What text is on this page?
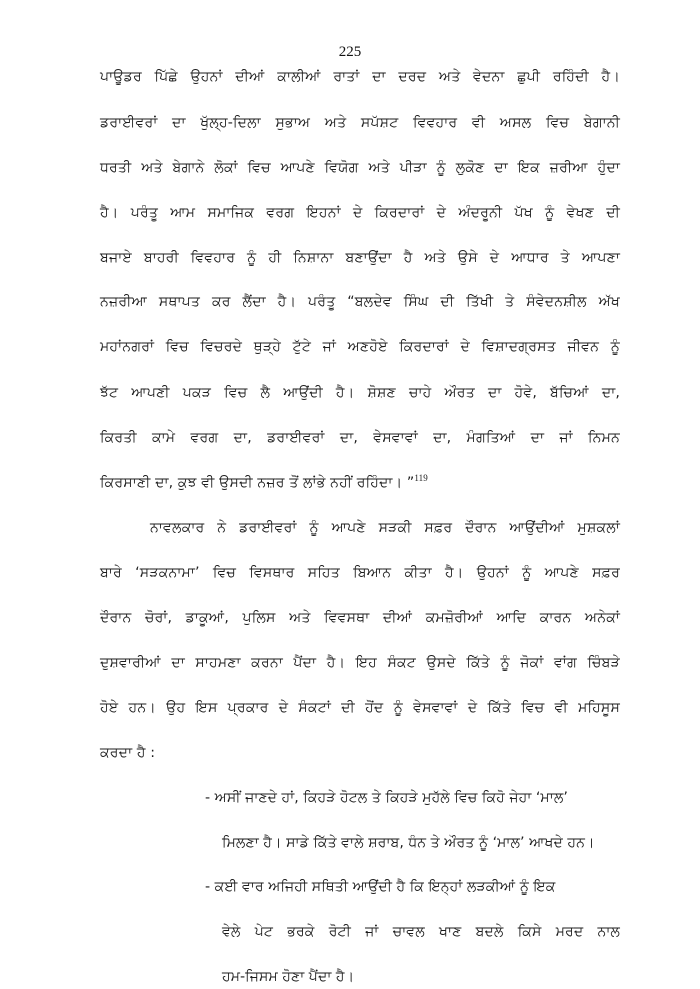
225
ਪਾਊਡਰ ਪਿੱਛੇ ਉਹਨਾਂ ਦੀਆਂ ਕਾਲੀਆਂ ਰਾਤਾਂ ਦਾ ਦਰਦ ਅਤੇ ਵੇਦਨਾ ਛੁਪੀ ਰਹਿੰਦੀ ਹੈ।
ਡਰਾਈਵਰਾਂ ਦਾ ਖੁੱਲ੍ਹ-ਦਿਲਾ ਸੁਭਾਅ ਅਤੇ ਸਪੱਸ਼ਟ ਵਿਵਹਾਰ ਵੀ ਅਸਲ ਵਿਚ ਬੇਗਾਨੀ
ਧਰਤੀ ਅਤੇ ਬੇਗਾਨੇ ਲੋਕਾਂ ਵਿਚ ਆਪਣੇ ਵਿਯੋਗ ਅਤੇ ਪੀੜਾ ਨੂੰ ਲੁਕੋਣ ਦਾ ਇਕ ਜ਼ਰੀਆ ਹੁੰਦਾ
ਹੈ। ਪਰੰਤੂ ਆਮ ਸਮਾਜਿਕ ਵਰਗ ਇਹਨਾਂ ਦੇ ਕਿਰਦਾਰਾਂ ਦੇ ਅੰਦਰੂਨੀ ਪੱਖ ਨੂੰ ਵੇਖਣ ਦੀ
ਬਜਾਏ ਬਾਹਰੀ ਵਿਵਹਾਰ ਨੂੰ ਹੀ ਨਿਸ਼ਾਨਾ ਬਣਾਉਂਦਾ ਹੈ ਅਤੇ ਉਸੇ ਦੇ ਆਧਾਰ ਤੇ ਆਪਣਾ
ਨਜ਼ਰੀਆ ਸਥਾਪਤ ਕਰ ਲੈਂਦਾ ਹੈ। ਪਰੰਤੂ “ਬਲਦੇਵ ਸਿੰਘ ਦੀ ਤਿੱਖੀ ਤੇ ਸੰਵੇਦਨਸ਼ੀਲ ਅੱਖ
ਮਹਾਂਨਗਰਾਂ ਵਿਚ ਵਿਚਰਦੇ ਥੁੜ੍ਹੇ ਟੁੱਟੇ ਜਾਂ ਅਣਹੋਏ ਕਿਰਦਾਰਾਂ ਦੇ ਵਿਸ਼ਾਦਗ੍ਰਸਤ ਜੀਵਨ ਨੂੰ
ਝੱਟ ਆਪਣੀ ਪਕੜ ਵਿਚ ਲੈ ਆਉਂਦੀ ਹੈ। ਸ਼ੋਸ਼ਣ ਚਾਹੇ ਔਰਤ ਦਾ ਹੋਵੇ, ਬੱਚਿਆਂ ਦਾ,
ਕਿਰਤੀ ਕਾਮੇ ਵਰਗ ਦਾ, ਡਰਾਈਵਰਾਂ ਦਾ, ਵੇਸਵਾਵਾਂ ਦਾ, ਮੰਗਤਿਆਂ ਦਾ ਜਾਂ ਨਿਮਨ
ਕਿਰਸਾਣੀ ਦਾ, ਕੁਝ ਵੀ ਉਸਦੀ ਨਜ਼ਰ ਤੋਂ ਲਾਂਭੇ ਨਹੀਂ ਰਹਿੰਦਾ। ”$^{119}$
ਨਾਵਲਕਾਰ ਨੇ ਡਰਾਈਵਰਾਂ ਨੂੰ ਆਪਣੇ ਸੜਕੀ ਸਫ਼ਰ ਦੌਰਾਨ ਆਉਂਦੀਆਂ ਮੁਸ਼ਕਲਾਂ
ਬਾਰੇ ‘ਸੜਕਨਾਮਾ’ ਵਿਚ ਵਿਸਥਾਰ ਸਹਿਤ ਬਿਆਨ ਕੀਤਾ ਹੈ। ਉਹਨਾਂ ਨੂੰ ਆਪਣੇ ਸਫ਼ਰ
ਦੌਰਾਨ ਚੋਰਾਂ, ਡਾਕੂਆਂ, ਪੁਲਿਸ ਅਤੇ ਵਿਵਸਥਾ ਦੀਆਂ ਕਮਜ਼ੋਰੀਆਂ ਆਦਿ ਕਾਰਨ ਅਨੇਕਾਂ
ਦੁਸ਼ਵਾਰੀਆਂ ਦਾ ਸਾਹਮਣਾ ਕਰਨਾ ਪੈਂਦਾ ਹੈ। ਇਹ ਸੰਕਟ ਉਸਦੇ ਕਿੱਤੇ ਨੂੰ ਜੋਕਾਂ ਵਾਂਗ ਚਿੰਬੜੇ
ਹੋਏ ਹਨ। ਉਹ ਇਸ ਪ੍ਰਕਾਰ ਦੇ ਸੰਕਟਾਂ ਦੀ ਹੋਂਦ ਨੂੰ ਵੇਸਵਾਵਾਂ ਦੇ ਕਿੱਤੇ ਵਿਚ ਵੀ ਮਹਿਸੂਸ
ਕਰਦਾ ਹੈ :
- ਅਸੀਂ ਜਾਣਦੇ ਹਾਂ, ਕਿਹੜੇ ਹੋਟਲ ਤੇ ਕਿਹੜੇ ਮੁਹੱਲੇ ਵਿਚ ਕਿਹੋ ਜੇਹਾ ‘ਮਾਲ’
ਮਿਲਣਾ ਹੈ। ਸਾਡੇ ਕਿੱਤੇ ਵਾਲੇ ਸ਼ਰਾਬ, ਧੰਨ ਤੇ ਔਰਤ ਨੂੰ ‘ਮਾਲ’ ਆਖਦੇ ਹਨ।
- ਕਈ ਵਾਰ ਅਜਿਹੀ ਸਥਿਤੀ ਆਉਂਦੀ ਹੈ ਕਿ ਇਨ੍ਹਾਂ ਲੜਕੀਆਂ ਨੂੰ ਇਕ
ਵੇਲੇ ਪੇਟ ਭਰਕੇ ਰੋਟੀ ਜਾਂ ਚਾਵਲ ਖਾਣ ਬਦਲੇ ਕਿਸੇ ਮਰਦ ਨਾਲ
ਹਮ-ਜਿਸਮ ਹੋਣਾ ਪੈਂਦਾ ਹੈ।
